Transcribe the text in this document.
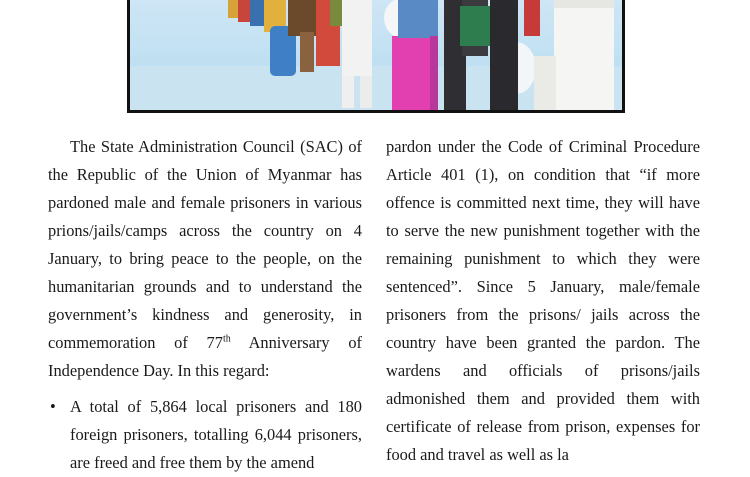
The State Administration Council (SAC) of the Republic of the Union of Myanmar has pardoned male and female prisoners in various prions/jails/camps across the country on 4 January, to bring peace to the people, on the humanitarian grounds and to understand the government’s kindness and generosity, in commemoration of 77th Anniversary of Independence Day. In this regard:

• A total of 5,864 local prisoners and 180 foreign prisoners, totalling 6,044 prisoners, are freed and free them by the amend

pardon under the Code of Criminal Procedure Article 401 (1), on condition that “if more offence is committed next time, they will have to serve the new punishment together with the remaining punishment to which they were sentenced”. Since 5 January, male/female prisoners from the prisons/ jails across the country have been granted the pardon. The wardens and officials of prisons/jails admonished them and provided them with certificate of release from prison, expenses for food and travel as well as la
